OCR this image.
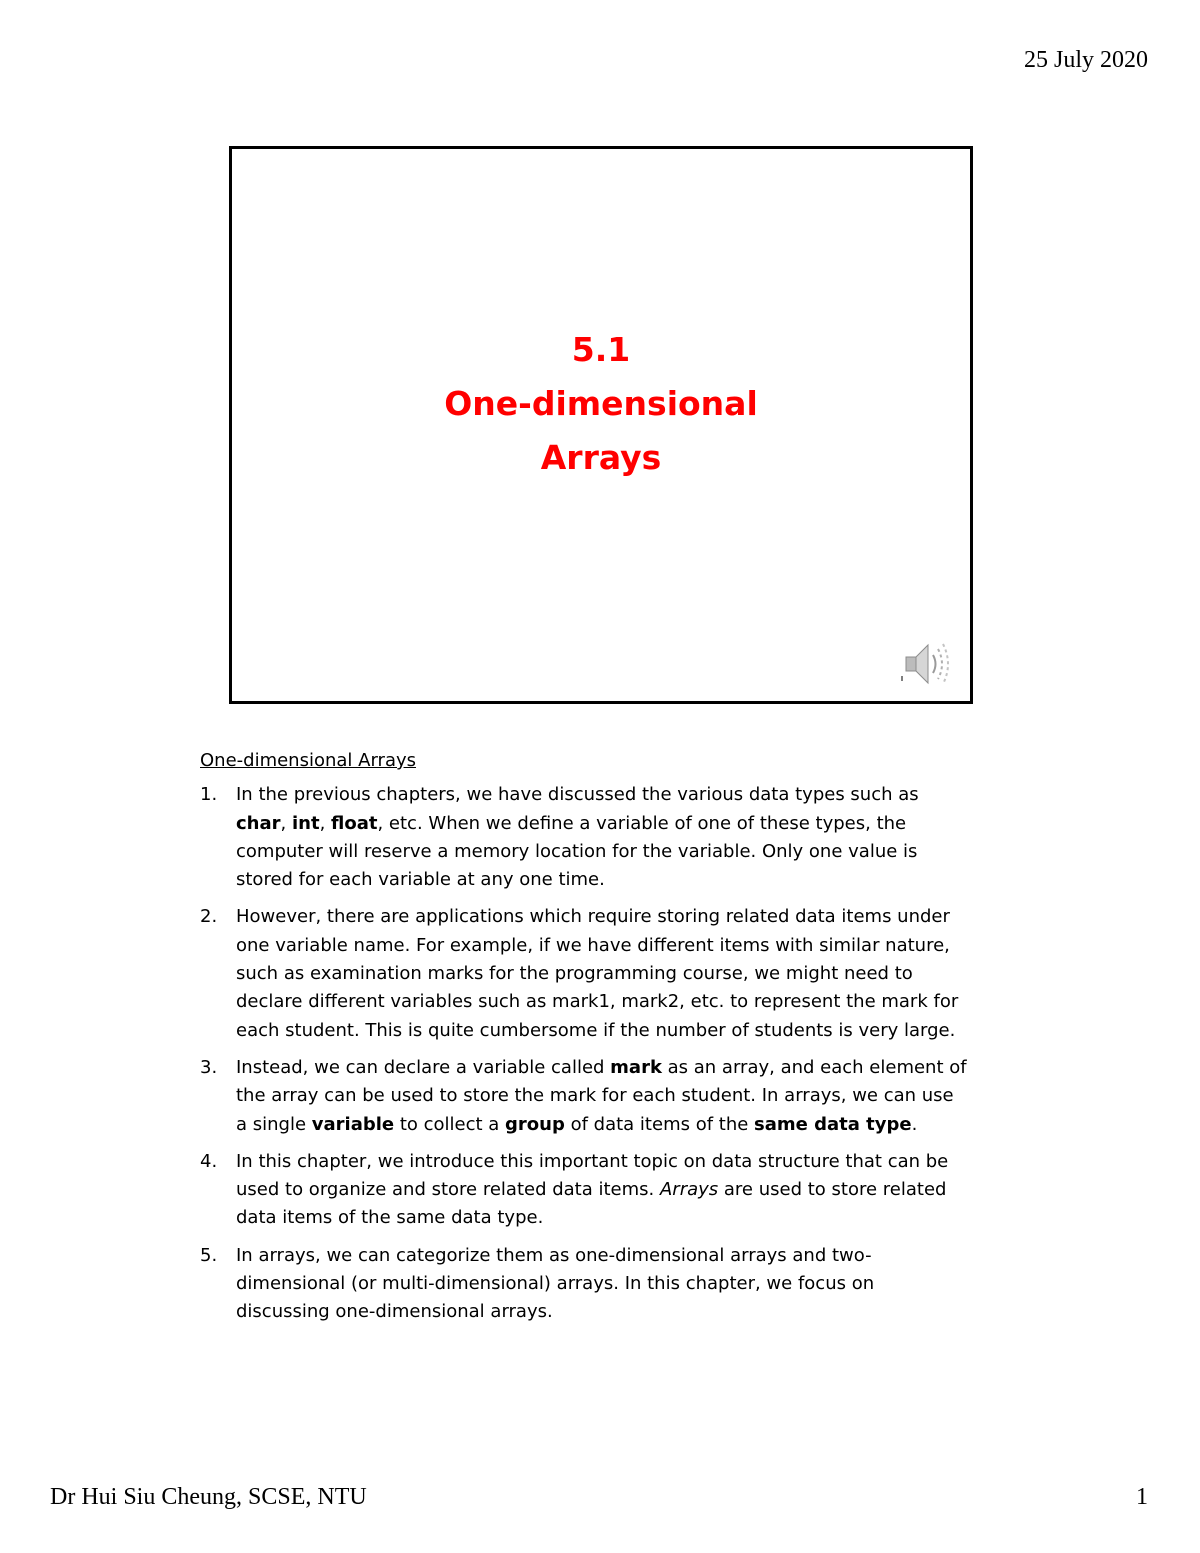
25 July 2020
5.1
One-dimensional
Arrays
One-dimensional Arrays
1. In the previous chapters, we have discussed the various data types such as
char, int, float, etc. When we define a variable of one of these types, the
computer will reserve a memory location for the variable. Only one value is
stored for each variable at any one time.
2. However, there are applications which require storing related data items under
one variable name. For example, if we have different items with similar nature,
such as examination marks for the programming course, we might need to
declare different variables such as mark1, mark2, etc. to represent the mark for
each student. This is quite cumbersome if the number of students is very large.
3. Instead, we can declare a variable called mark as an array, and each element of
the array can be used to store the mark for each student. In arrays, we can use
a single variable to collect a group of data items of the same data type.
4. In this chapter, we introduce this important topic on data structure that can be
used to organize and store related data items. Arrays are used to store related
data items of the same data type.
5. In arrays, we can categorize them as one-dimensional arrays and two-
dimensional (or multi-dimensional) arrays. In this chapter, we focus on
discussing one-dimensional arrays.
Dr Hui Siu Cheung, SCSE, NTU	1
